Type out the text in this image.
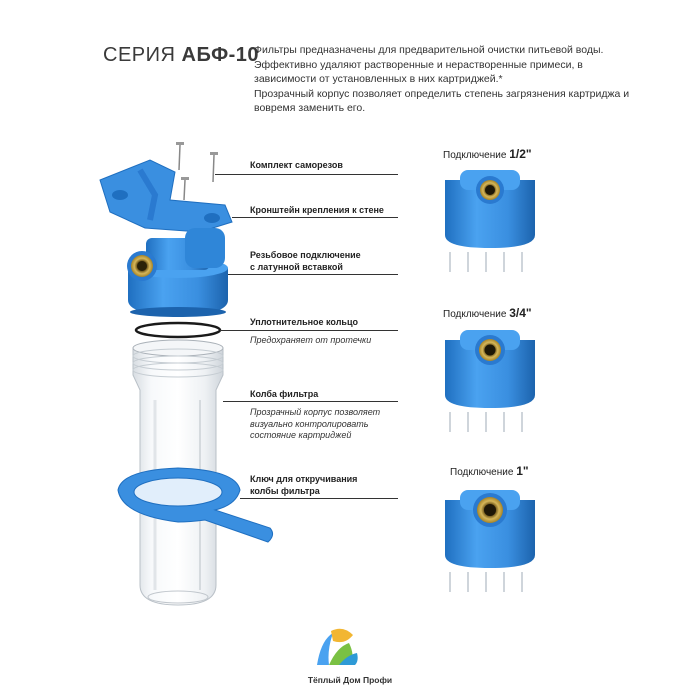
СЕРИЯ АБФ-10

Фильтры предназначены для предварительной очистки питьевой воды. Эффективно удаляют растворенные и нерастворенные примеси, в зависимости от установленных в них картриджей.*

Прозрачный корпус позволяет определить степень загрязнения картриджа и вовремя заменить его.

Комплект саморезов
Кронштейн крепления к стене
Резьбовое подключение
с латунной вставкой
Уплотнительное кольцо
Предохраняет от протечки
Колба фильтра
Прозрачный корпус позволяет
визуально контролировать
состояние картриджей
Ключ для откручивания
колбы фильтра
Подключение 1/2"
Подключение 3/4"
Подключение 1"
Тёплый Дом Профи
